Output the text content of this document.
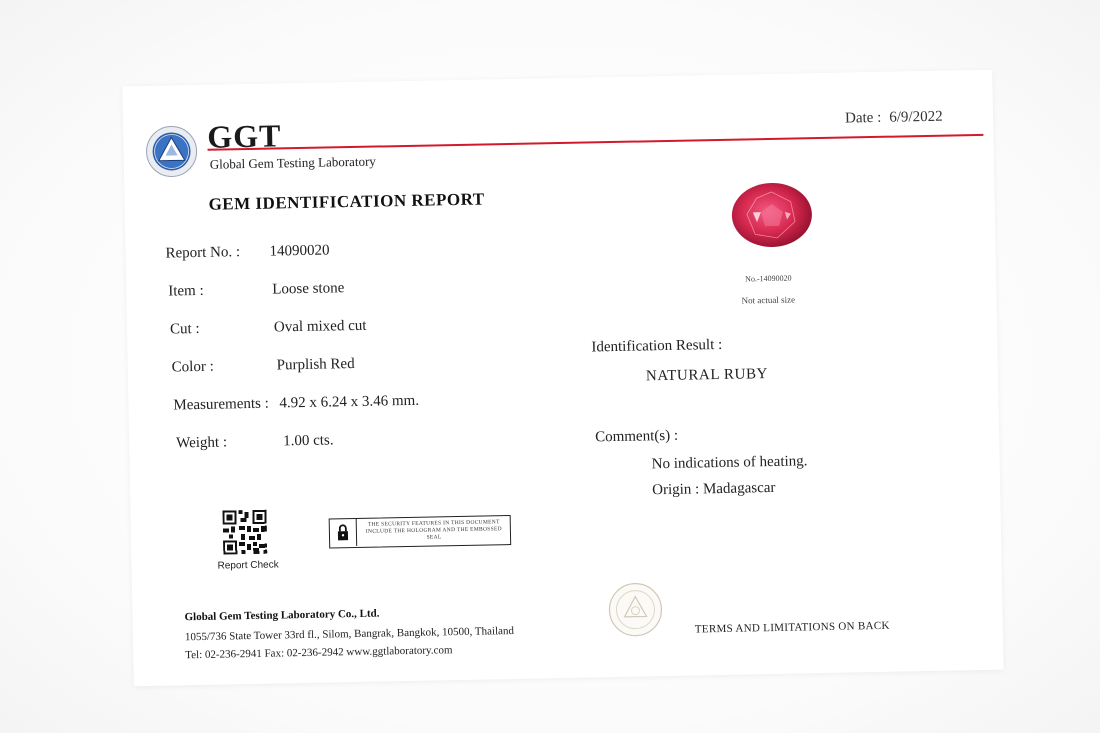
GGT
Global Gem Testing Laboratory
Date : 6/9/2022
GEM IDENTIFICATION REPORT
Report No. : 14090020
Item :	Loose stone
Cut :	Oval mixed cut
Color :	Purplish Red
Measurements : 4.92 x 6.24 x 3.46 mm.
Weight :	1.00 cts.
No.-14090020
Not actual size
Identification Result :
NATURAL RUBY
Comment(s) :
No indications of heating.
Origin : Madagascar
Report Check
THE SECURITY FEATURES IN THIS DOCUMENT INCLUDE THE HOLOGRAM AND THE EMBOSSED SEAL
Global Gem Testing Laboratory Co., Ltd.
1055/736 State Tower 33rd fl., Silom, Bangrak, Bangkok, 10500, Thailand
Tel: 02-236-2941 Fax: 02-236-2942 www.ggtlaboratory.com
TERMS AND LIMITATIONS ON BACK
